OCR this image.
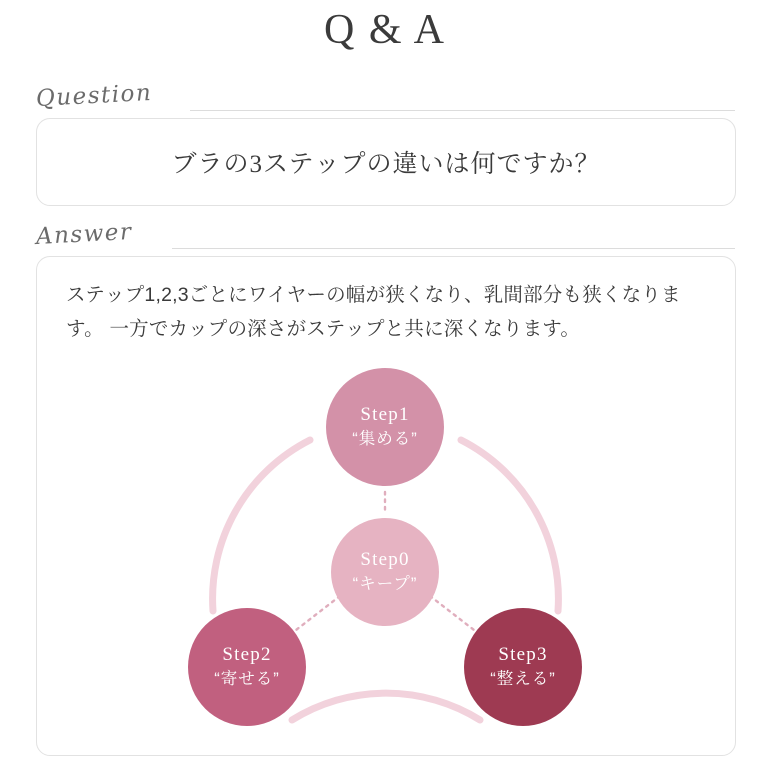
Q & A
Question
ブラの3ステップの違いは何ですか？
Answer
ステップ1,2,3ごとにワイヤーの幅が狭くなり、乳間部分も狭くなります。 一方でカップの深さがステップと共に深くなります。
Step1
“集める”
Step0
“キープ”
Step2
“寄せる”
Step3
“整える”
